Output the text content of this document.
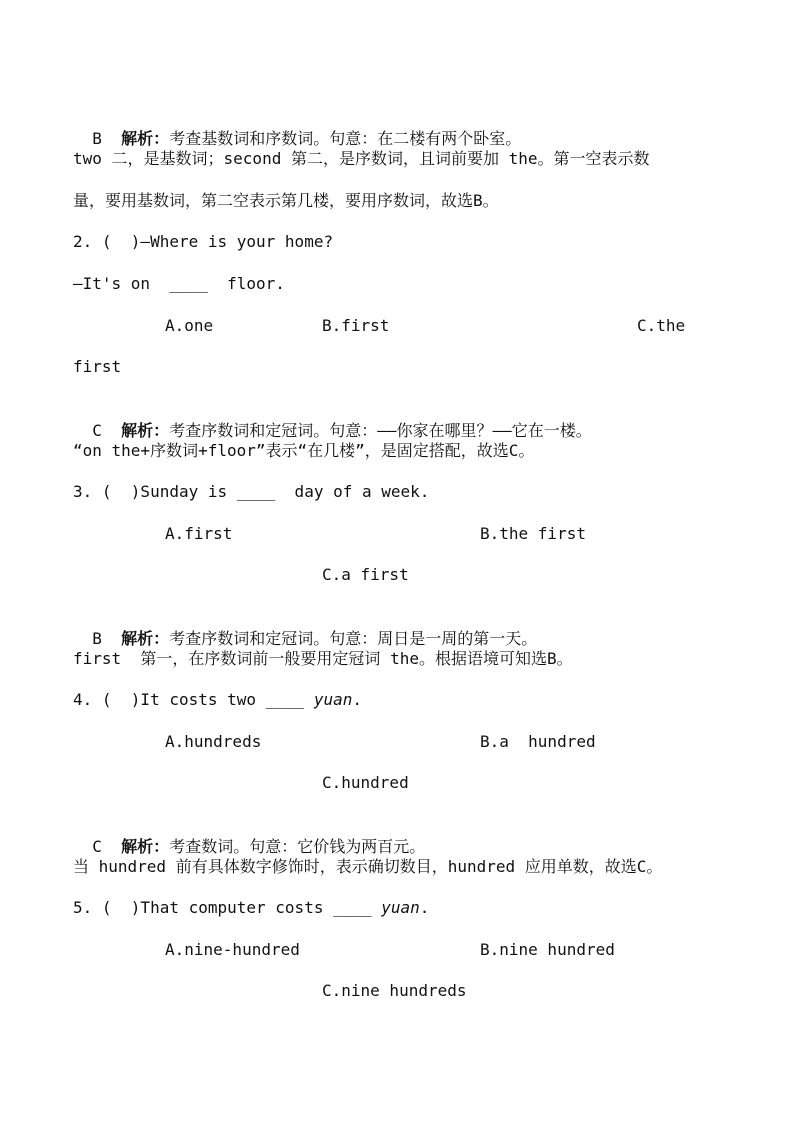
B 解析：考查基数词和序数词。句意：在二楼有两个卧室。

two 二，是基数词；second 第二，是序数词，且词前要加 the。第一空表示数
量，要用基数词，第二空表示第几楼，要用序数词，故选B。
2. (  )—Where is your home?
—It's on  ____  floor.
A.one	B.first	C.the
first

C 解析：考查序数词和定冠词。句意：——你家在哪里？——它在一楼。

“on the+序数词+floor”表示“在几楼”，是固定搭配，故选C。
3. (  )Sunday is ____  day of a week.
A.first	B.the first
C.a first

B 解析：考查序数词和定冠词。句意：周日是一周的第一天。

first  第一，在序数词前一般要用定冠词 the。根据语境可知选B。
4. (  )It costs two ____ yuan.
A.hundreds	B.a  hundred
C.hundred

C 解析：考查数词。句意：它价钱为两百元。

当 hundred 前有具体数字修饰时，表示确切数目，hundred 应用单数，故选C。
5. (  )That computer costs ____ yuan.
A.nine-hundred	B.nine hundred
C.nine hundreds
